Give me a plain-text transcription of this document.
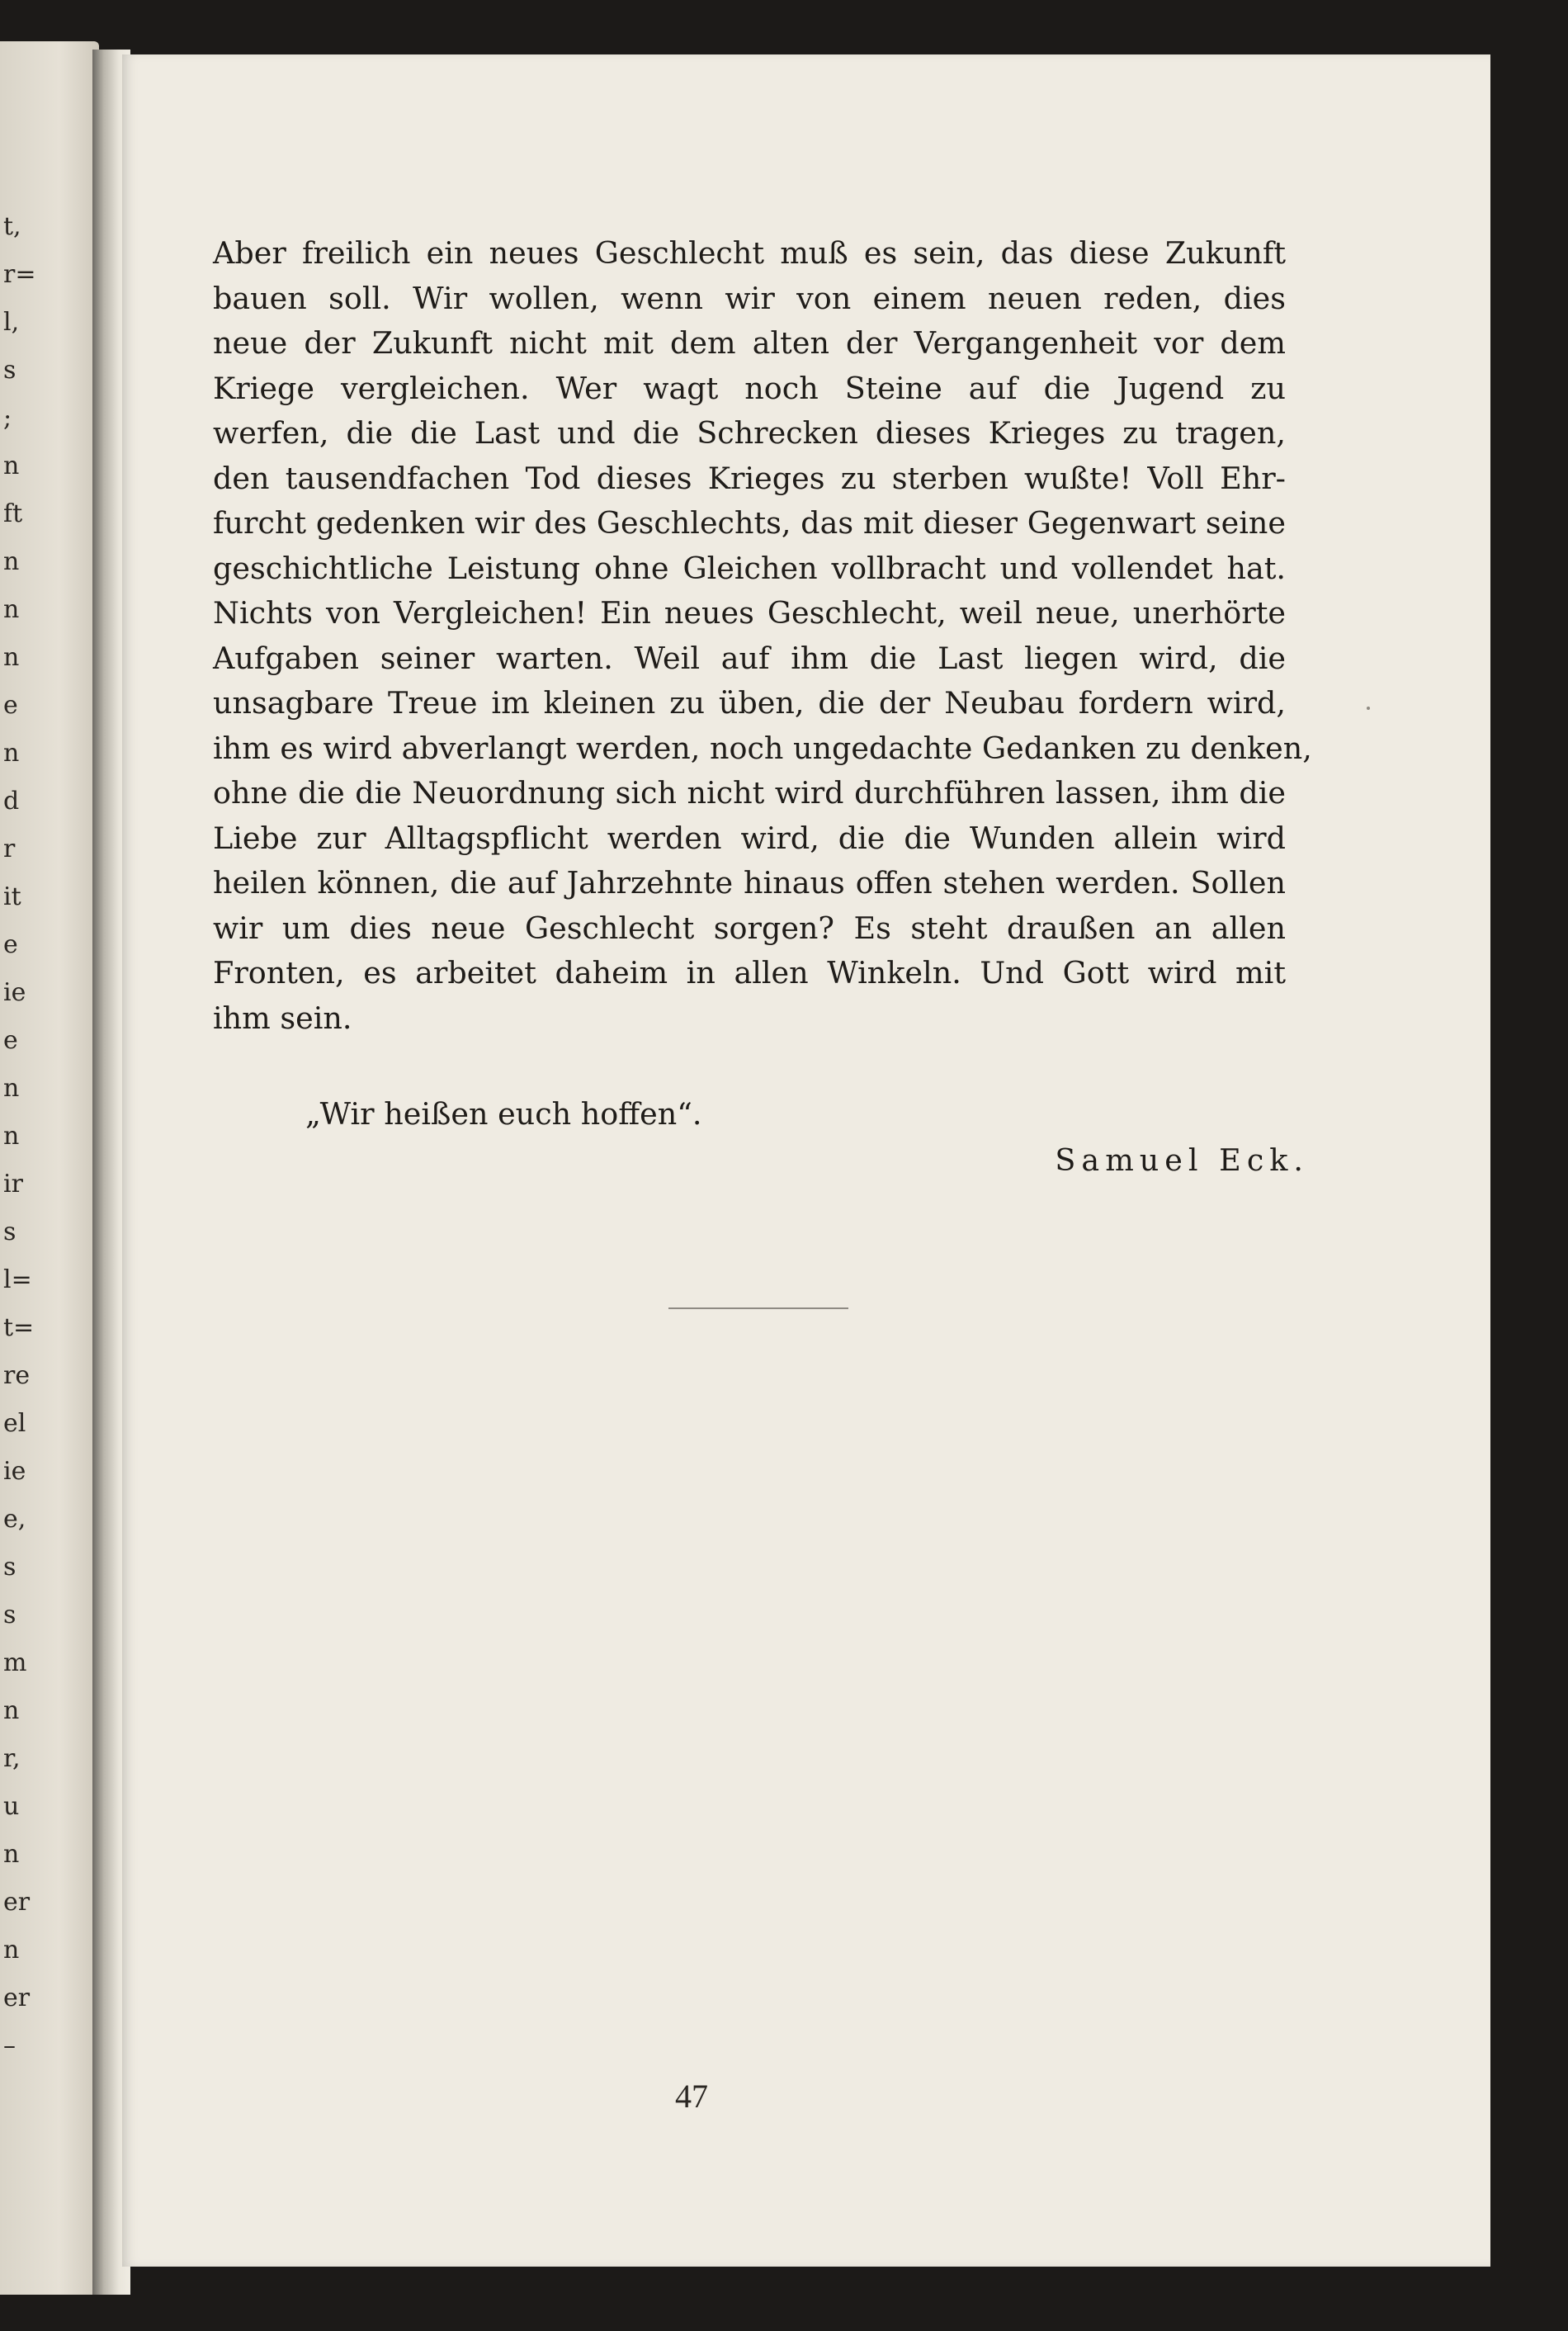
t,
r=
l,
s
;
n
ft
n
n
n
e
n
d
r
it
e
ie
e
n
n
ir
s
l=
t=
re
el
ie
e,
s
s
m
n
r,
u
n
er
n
er
–
Aber freilich ein neues Geschlecht muß es sein, das diese Zukunft
bauen soll. Wir wollen, wenn wir von einem neuen reden, dies
neue der Zukunft nicht mit dem alten der Vergangenheit vor dem
Kriege vergleichen. Wer wagt noch Steine auf die Jugend zu
werfen, die die Last und die Schrecken dieses Krieges zu tragen,
den tausendfachen Tod dieses Krieges zu sterben wußte! Voll Ehr-
furcht gedenken wir des Geschlechts, das mit dieser Gegenwart seine
geschichtliche Leistung ohne Gleichen vollbracht und vollendet hat.
Nichts von Vergleichen! Ein neues Geschlecht, weil neue, unerhörte
Aufgaben seiner warten. Weil auf ihm die Last liegen wird, die
unsagbare Treue im kleinen zu üben, die der Neubau fordern wird,
ihm es wird abverlangt werden, noch ungedachte Gedanken zu denken,
ohne die die Neuordnung sich nicht wird durchführen lassen, ihm die
Liebe zur Alltagspflicht werden wird, die die Wunden allein wird
heilen können, die auf Jahrzehnte hinaus offen stehen werden. Sollen
wir um dies neue Geschlecht sorgen? Es steht draußen an allen
Fronten, es arbeitet daheim in allen Winkeln. Und Gott wird mit
ihm sein.
„Wir heißen euch hoffen“.
Samuel Eck.
47
